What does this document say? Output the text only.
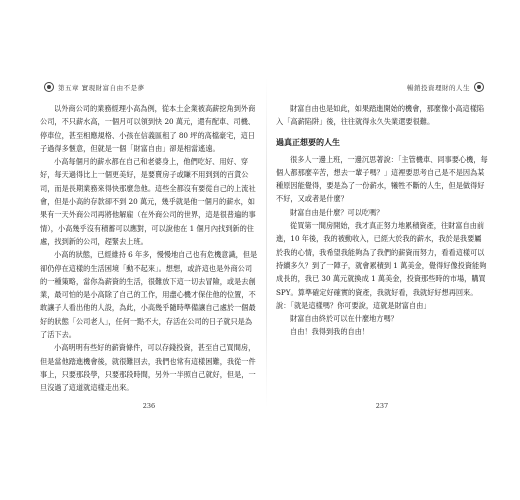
第五章 實現財富自由不是夢

以外商公司的業務經理小高為例，從本土企業被高薪挖角到外商公司，不只薪水高，一個月可以領到快 20 萬元，還有配車、司機、停車位，甚至相應規格、小孩在信義區租了 80 坪的高檔豪宅，這日子過得多愜意，但就是一個「財富自由」卻是相當遙遠。

小高每個月的薪水都在自己和老婆身上，他們吃好、用好、穿好，每天過得比上一個更美好，是要賣房子或賺不用到到的百貨公司，而是長期業務來得快那麼急他。這些全都沒有要從自己的上流社會，但是小高的存款卻不到 20 萬元，幾乎就是他一個月的薪水，如果有一天外商公司再將他解雇（在外商公司的世界，這是很普遍的事情），小高幾乎沒有積蓄可以應對，可以說他在 1 個月內找到新的住處，找到新的公司，趕緊去上班。

小高的狀態，已經維持 6 年多，慢慢地自己也有危機意識，但是卻仍停在這樣的生活困境「動不起來」。想想，或許這也是外商公司的一種策略，當你為薪資的生活，很難放下這一切去冒險，或是去創業，最可怕的是小高除了自己的工作，用盡心機才保住他的位置，不敢讓子人看出他的人設，為此，小高幾乎隨時準備讓自己處於一個最好的狀態「公司老人」，任何一點不大，存活在公司的日子就只是為了活下去。

小高明明有些好的薪資條件，可以存錢投資，甚至自己買間房，但是當他踏進機會後，就很難回去，我們也常有這樣困難，我從一件事上，只要那段學，只要那段時間，另外一半照自己就好，但是，一旦沒過了這道就這樣走出來。

236
暢銷投資理財的人生

財富自由也是如此，如果踏進開始的機會，那麼像小高這樣陷入「高薪陷阱」後，往往就得永久失業還要很難。

過真正想要的人生

很多人一邊上班，一邊沉思著說：「主管機車、同事要心機，每個人都那麼辛苦，想去一輩子嗎？」這裡要思考自己是不是因為某種原因能覺得，要是為了一份薪水，犧牲不斷的人生，但是做得好不好，又或者是什麼？

財富自由是什麼？可以吃嗎？

從買第一間房開始，我才真正努力地累積資產，往財富自由前進，10 年後，我的被動收入，已經大於我的薪水，我於是我要屬於我的心情，我希望我能夠為了我們的薪資而努力，看看這樣可以持續多久？到了一陣子，就會累積到 1 萬美金，覺得好像投資能夠成長的，我已 30 萬元就換成 1 萬美金，投資那些時的市場，購買 SPY。算準確定好確實的資產，我就好看，我就好好想再回來。說：「就是這樣嗎？你可要說，這就是財富自由」

財富自由終於可以在什麼地方嗎？

自由！我得到我的自由！

237
